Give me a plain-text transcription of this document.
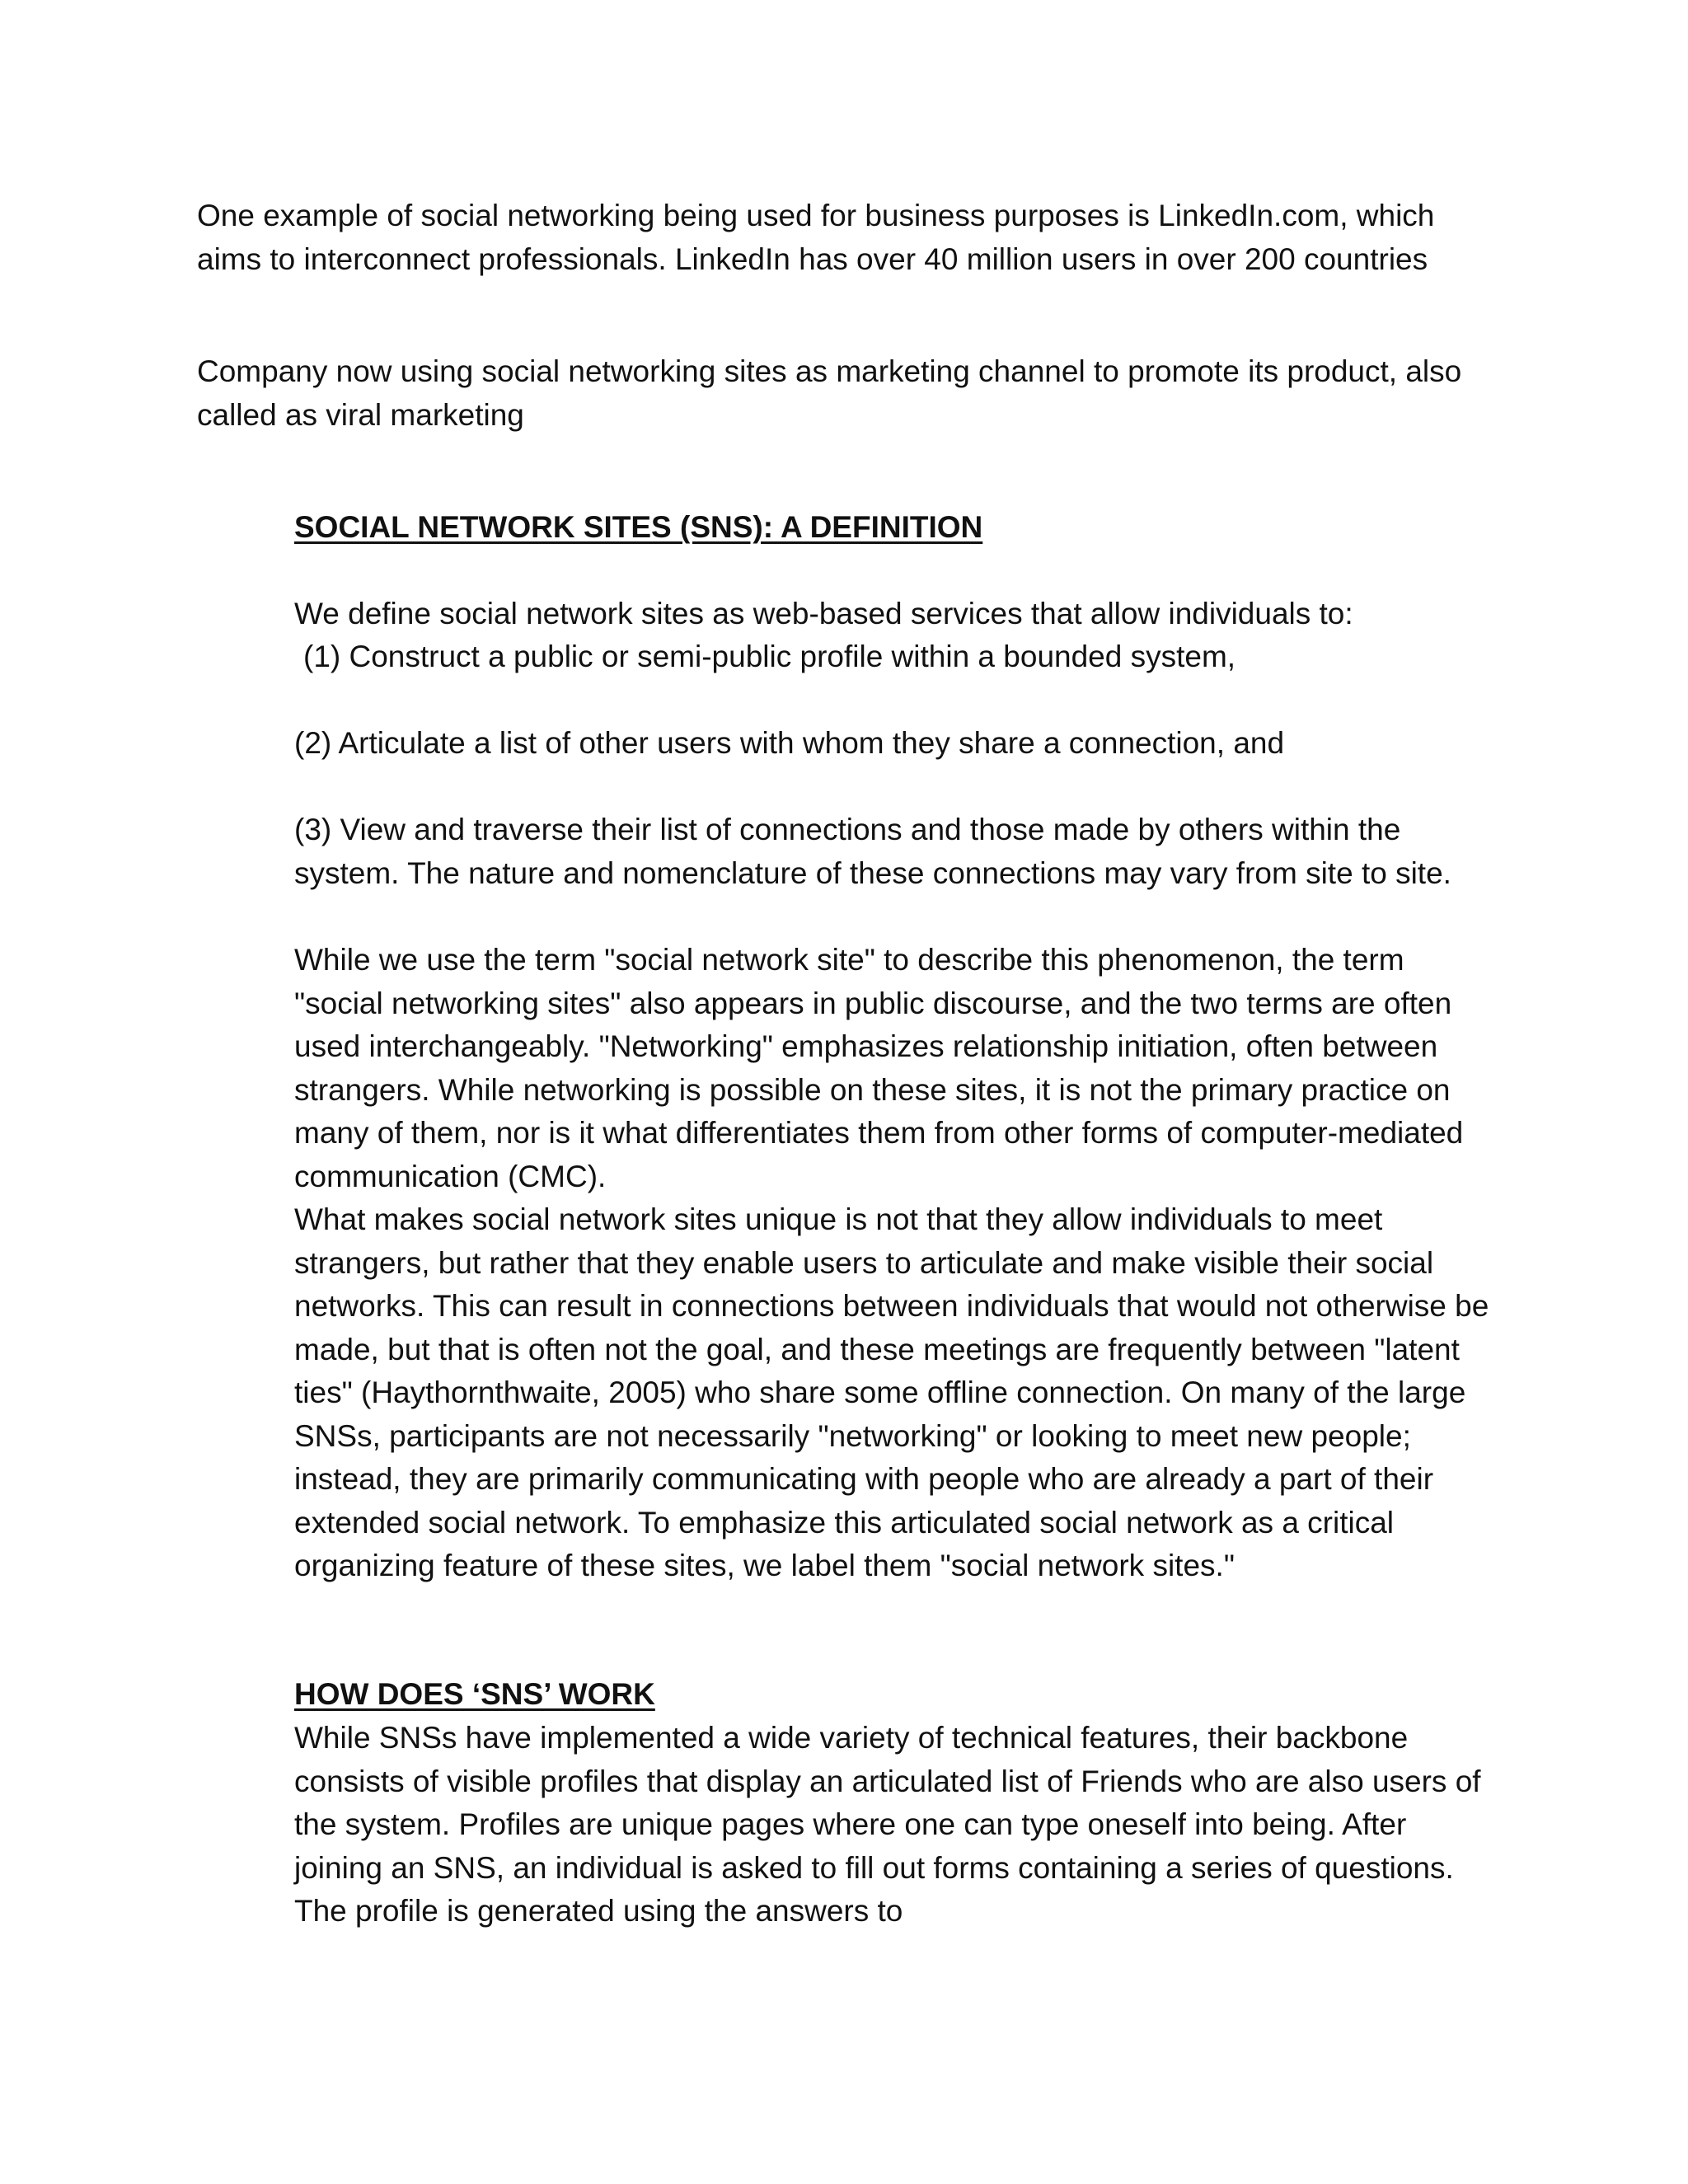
One example of social networking being used for business purposes is LinkedIn.com, which aims to interconnect professionals. LinkedIn has over 40 million users in over 200 countries

Company now using social networking sites as marketing channel to promote its product, also called as viral marketing

SOCIAL NETWORK SITES (SNS): A DEFINITION

We define social network sites as web-based services that allow individuals to:

(1) Construct a public or semi-public profile within a bounded system,

(2) Articulate a list of other users with whom they share a connection, and

(3) View and traverse their list of connections and those made by others within the system. The nature and nomenclature of these connections may vary from site to site.

While we use the term "social network site" to describe this phenomenon, the term "social networking sites" also appears in public discourse, and the two terms are often used interchangeably. "Networking" emphasizes relationship initiation, often between strangers. While networking is possible on these sites, it is not the primary practice on many of them, nor is it what differentiates them from other forms of computer-mediated communication (CMC).

What makes social network sites unique is not that they allow individuals to meet strangers, but rather that they enable users to articulate and make visible their social networks. This can result in connections between individuals that would not otherwise be made, but that is often not the goal, and these meetings are frequently between "latent ties" (Haythornthwaite, 2005) who share some offline connection. On many of the large SNSs, participants are not necessarily "networking" or looking to meet new people; instead, they are primarily communicating with people who are already a part of their extended social network. To emphasize this articulated social network as a critical organizing feature of these sites, we label them "social network sites."

HOW DOES ‘SNS’ WORK

While SNSs have implemented a wide variety of technical features, their backbone consists of visible profiles that display an articulated list of Friends who are also users of the system. Profiles are unique pages where one can type oneself into being. After joining an SNS, an individual is asked to fill out forms containing a series of questions. The profile is generated using the answers to
